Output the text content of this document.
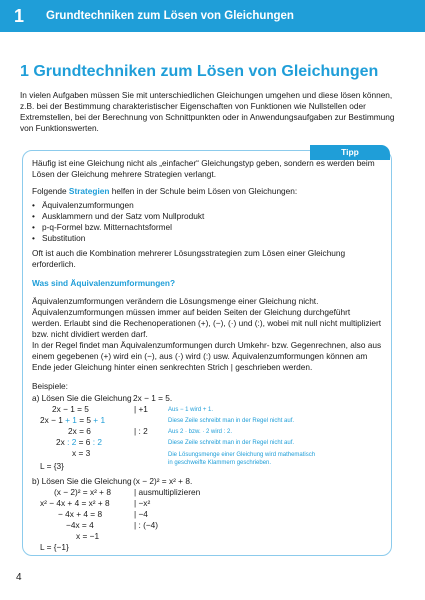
1	Grundtechniken zum Lösen von Gleichungen
1 Grundtechniken zum Lösen von Gleichungen
In vielen Aufgaben müssen Sie mit unterschiedlichen Gleichungen umgehen und diese lösen können, z.B. bei der Bestimmung charakteristischer Eigenschaften von Funktionen wie Nullstellen oder Extremstellen, bei der Berechnung von Schnittpunkten oder in Anwendungsaufgaben zur Bestimmung von Funktionswerten.
Tipp
Häufig ist eine Gleichung nicht als „einfacher“ Gleichungstyp geben, sondern es werden beim Lösen der Gleichung mehrere Strategien verlangt.
Folgende Strategien helfen in der Schule beim Lösen von Gleichungen:
• Äquivalenzumformungen
• Ausklammern und der Satz vom Nullprodukt
• p-q-Formel bzw. Mitternachtsformel
• Substitution
Oft ist auch die Kombination mehrerer Lösungsstrategien zum Lösen einer Gleichung erforderlich.
Was sind Äquivalenzumformungen?
Äquivalenzumformungen verändern die Lösungsmenge einer Gleichung nicht. Äquivalenzumformungen müssen immer auf beiden Seiten der Gleichung durchgeführt werden. Erlaubt sind die Rechenoperationen (+), (−), (·) und (:), wobei mit null nicht multipliziert bzw. nicht dividiert werden darf.
In der Regel findet man Äquivalenzumformungen durch Umkehr- bzw. Gegenrechnen, also aus einem gegebenen (+) wird ein (−), aus (·) wird (:) usw. Äquivalenzumformungen können am Ende jeder Gleichung hinter einen senkrechten Strich | geschrieben werden.
Beispiele:
a) Lösen Sie die Gleichung 2x − 1 = 5.
2x − 1 = 5	| +1	Aus − 1 wird + 1.
2x − 1 + 1 = 5 + 1	Diese Zeile schreibt man in der Regel nicht auf.
2x = 6	| : 2	Aus 2 · bzw. · 2 wird : 2.
2x : 2 = 6 : 2	Diese Zeile schreibt man in der Regel nicht auf.
x = 3	Die Lösungsmenge einer Gleichung wird mathematisch
in geschweifte Klammern geschrieben.
L = {3}
b) Lösen Sie die Gleichung (x − 2)² = x² + 8.
(x − 2)² = x² + 8	| ausmultiplizieren
x² − 4x + 4 = x² + 8	| −x²
− 4x + 4 = 8	| −4
−4x = 4	| : (−4)
x = −1
L = {−1}
4
